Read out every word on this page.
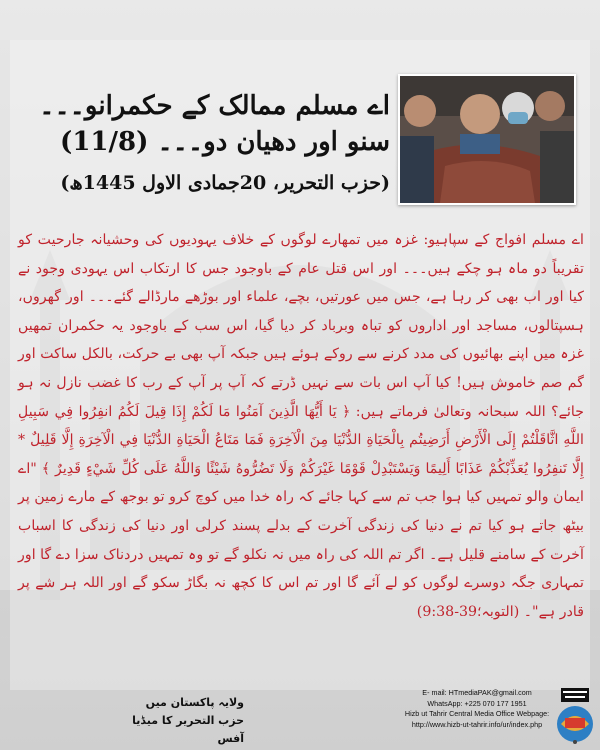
اے مسلم ممالک کے حکمرانو۔۔۔
سنو اور دھیان دو۔۔۔ (11/8)
(حزب التحریر، 20جمادی الاول 1445ھ)
اے مسلم افواج کے سپاہیو: غزہ میں تمھارے لوگوں کے خلاف یہودیوں کی وحشیانہ جارحیت کو تقریباً دو ماہ ہو چکے ہیں۔۔۔ اور اس قتل عام کے باوجود جس کا ارتکاب اس یہودی وجود نے کیا اور اب بھی کر رہا ہے، جس میں عورتیں، بچے، علماء اور بوڑھے مارڈالے گئے۔۔۔ اور گھروں، ہسپتالوں، مساجد اور اداروں کو تباہ وبرباد کر دیا گیا، اس سب کے باوجود یہ حکمران تمھیں غزہ میں اپنے بھائیوں کی مدد کرنے سے روکے ہوئے ہیں جبکہ آپ بھی بے حرکت، بالکل ساکت اور گم صم خاموش ہیں! کیا آپ اس بات سے نہیں ڈرتے کہ آپ پر آپ کے رب کا غضب نازل نہ ہو جائے؟ اللہ سبحانہ وتعالیٰ فرماتے ہیں: ﴿ يَا أَيُّهَا الَّذِينَ آمَنُوا مَا لَكُمْ إِذَا قِيلَ لَكُمُ انفِرُوا فِي سَبِيلِ اللَّهِ اثَّاقَلْتُمْ إِلَى الْأَرْضِ أَرَضِيتُم بِالْحَيَاةِ الدُّنْيَا مِنَ الْآخِرَةِ فَمَا مَتَاعُ الْحَيَاةِ الدُّنْيَا فِي الْآخِرَةِ إِلَّا قَلِيلٌ * إِلَّا تَنفِرُوا يُعَذِّبْكُمْ عَذَابًا أَلِيمًا وَيَسْتَبْدِلْ قَوْمًا غَيْرَكُمْ وَلَا تَضُرُّوهُ شَيْئًا وَاللَّهُ عَلَى كُلِّ شَيْءٍ قَدِيرٌ ﴾ "اے ایمان والو تمہیں کیا ہوا جب تم سے کہا جائے کہ راہ خدا میں کوچ کرو تو بوجھ کے مارے زمین پر بیٹھ جاتے ہو کیا تم نے دنیا کی زندگی آخرت کے بدلے پسند کرلی اور دنیا کی زندگی کا اسباب آخرت کے سامنے قلیل ہے۔ اگر تم اللہ کی راہ میں نہ نکلو گے تو وہ تمہیں دردناک سزا دے گا اور تمہاری جگہ دوسرے لوگوں کو لے آئے گا اور تم اس کا کچھ نہ بگاڑ سکو گے اور اللہ ہر شے پر قادر ہے"۔ (التوبہ؛39-9:38)
ولایہ پاکستان میں
حزب التحریر کا میڈیا آفس
E- mail: HTmediaPAK@gmail.com
WhatsApp: +225 070 177 1951
Hizb ut Tahrir Central Media Office Webpage:
http://www.hizb-ut-tahrir.info/ur/index.php
